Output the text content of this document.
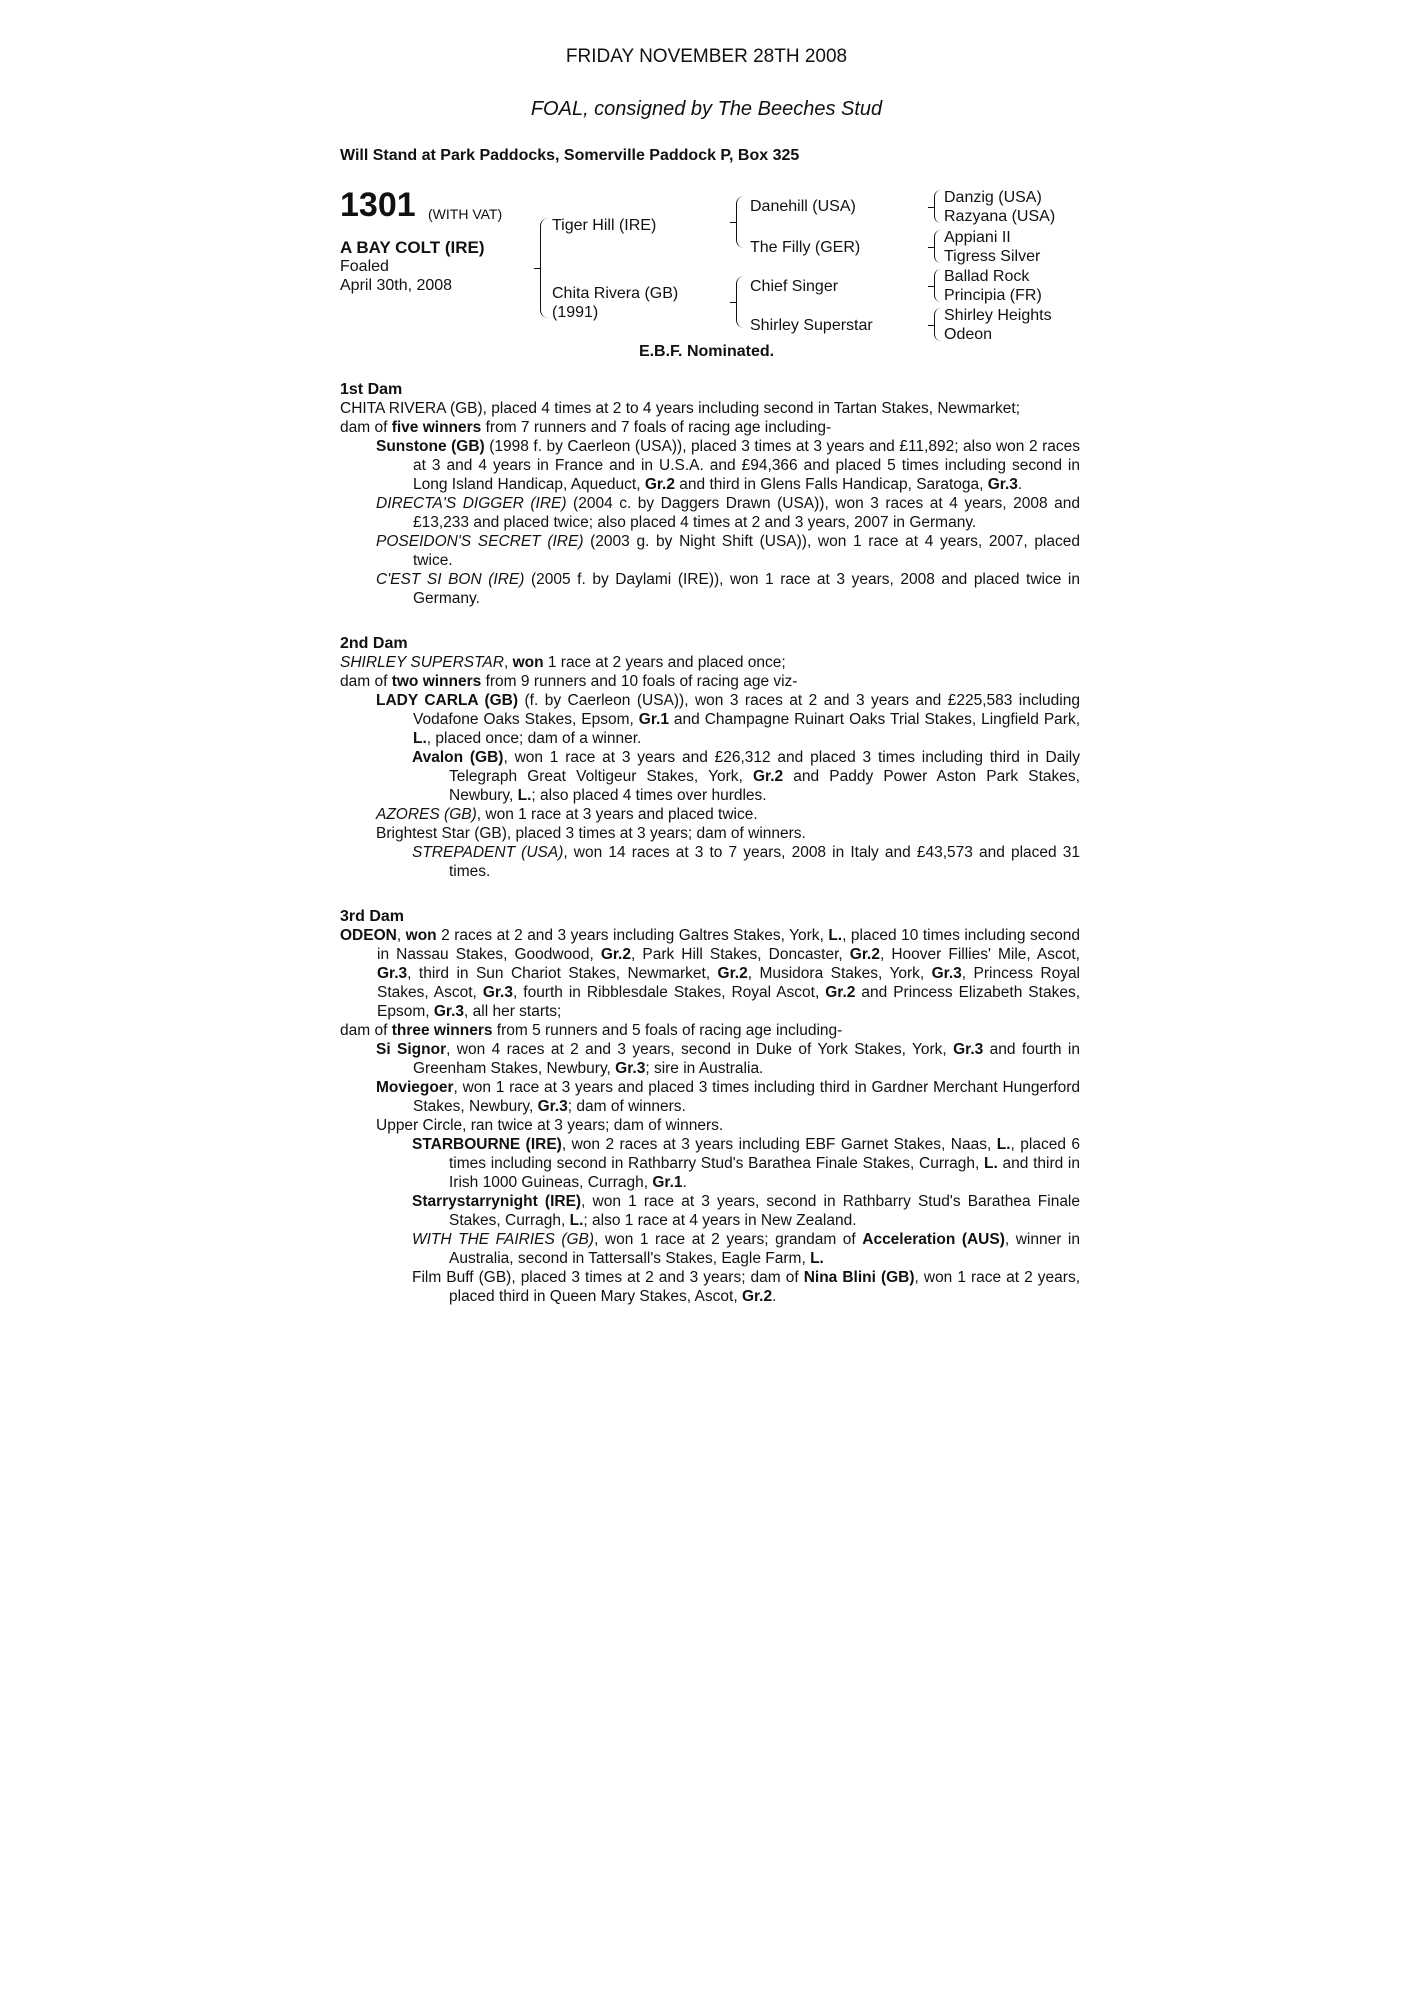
FRIDAY NOVEMBER 28TH 2008
FOAL, consigned by The Beeches Stud
Will Stand at Park Paddocks, Somerville Paddock P, Box 325
1301 (WITH VAT)
A BAY COLT (IRE)
Foaled
April 30th, 2008
Tiger Hill (IRE)
Chita Rivera (GB)
(1991)
Danehill (USA)
The Filly (GER)
Chief Singer
Shirley Superstar
Danzig (USA)
Razyana (USA)
Appiani II
Tigress Silver
Ballad Rock
Principia (FR)
Shirley Heights
Odeon
E.B.F. Nominated.
1st Dam
CHITA RIVERA (GB), placed 4 times at 2 to 4 years including second in Tartan Stakes, Newmarket;
dam of five winners from 7 runners and 7 foals of racing age including-
Sunstone (GB) (1998 f. by Caerleon (USA)), placed 3 times at 3 years and £11,892; also won 2 races at 3 and 4 years in France and in U.S.A. and £94,366 and placed 5 times including second in Long Island Handicap, Aqueduct, Gr.2 and third in Glens Falls Handicap, Saratoga, Gr.3.
DIRECTA'S DIGGER (IRE) (2004 c. by Daggers Drawn (USA)), won 3 races at 4 years, 2008 and £13,233 and placed twice; also placed 4 times at 2 and 3 years, 2007 in Germany.
POSEIDON'S SECRET (IRE) (2003 g. by Night Shift (USA)), won 1 race at 4 years, 2007, placed twice.
C'EST SI BON (IRE) (2005 f. by Daylami (IRE)), won 1 race at 3 years, 2008 and placed twice in Germany.
2nd Dam
SHIRLEY SUPERSTAR, won 1 race at 2 years and placed once;
dam of two winners from 9 runners and 10 foals of racing age viz-
LADY CARLA (GB) (f. by Caerleon (USA)), won 3 races at 2 and 3 years and £225,583 including Vodafone Oaks Stakes, Epsom, Gr.1 and Champagne Ruinart Oaks Trial Stakes, Lingfield Park, L., placed once; dam of a winner.
Avalon (GB), won 1 race at 3 years and £26,312 and placed 3 times including third in Daily Telegraph Great Voltigeur Stakes, York, Gr.2 and Paddy Power Aston Park Stakes, Newbury, L.; also placed 4 times over hurdles.
AZORES (GB), won 1 race at 3 years and placed twice.
Brightest Star (GB), placed 3 times at 3 years; dam of winners.
STREPADENT (USA), won 14 races at 3 to 7 years, 2008 in Italy and £43,573 and placed 31 times.
3rd Dam
ODEON, won 2 races at 2 and 3 years including Galtres Stakes, York, L., placed 10 times including second in Nassau Stakes, Goodwood, Gr.2, Park Hill Stakes, Doncaster, Gr.2, Hoover Fillies' Mile, Ascot, Gr.3, third in Sun Chariot Stakes, Newmarket, Gr.2, Musidora Stakes, York, Gr.3, Princess Royal Stakes, Ascot, Gr.3, fourth in Ribblesdale Stakes, Royal Ascot, Gr.2 and Princess Elizabeth Stakes, Epsom, Gr.3, all her starts;
dam of three winners from 5 runners and 5 foals of racing age including-
Si Signor, won 4 races at 2 and 3 years, second in Duke of York Stakes, York, Gr.3 and fourth in Greenham Stakes, Newbury, Gr.3; sire in Australia.
Moviegoer, won 1 race at 3 years and placed 3 times including third in Gardner Merchant Hungerford Stakes, Newbury, Gr.3; dam of winners.
Upper Circle, ran twice at 3 years; dam of winners.
STARBOURNE (IRE), won 2 races at 3 years including EBF Garnet Stakes, Naas, L., placed 6 times including second in Rathbarry Stud's Barathea Finale Stakes, Curragh, L. and third in Irish 1000 Guineas, Curragh, Gr.1.
Starrystarrynight (IRE), won 1 race at 3 years, second in Rathbarry Stud's Barathea Finale Stakes, Curragh, L.; also 1 race at 4 years in New Zealand.
WITH THE FAIRIES (GB), won 1 race at 2 years; grandam of Acceleration (AUS), winner in Australia, second in Tattersall's Stakes, Eagle Farm, L.
Film Buff (GB), placed 3 times at 2 and 3 years; dam of Nina Blini (GB), won 1 race at 2 years, placed third in Queen Mary Stakes, Ascot, Gr.2.
